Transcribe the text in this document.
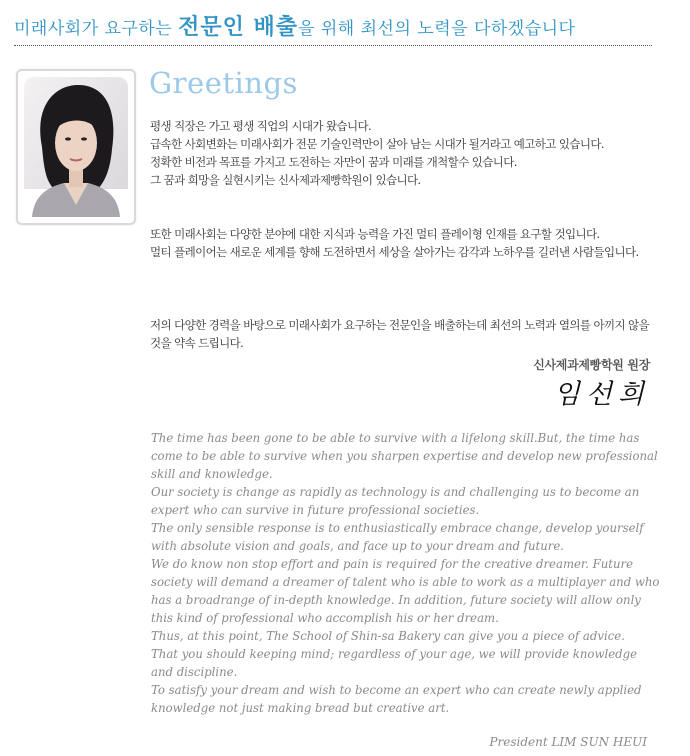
미래사회가 요구하는 전문인 배출을 위해 최선의 노력을 다하겠습니다
Greetings
평생 직장은 가고 평생 직업의 시대가 왔습니다.
급속한 사회변화는 미래사회가 전문 기술인력만이 살아 남는 시대가 될거라고 예고하고 있습니다.
정확한 비전과 목표를 가지고 도전하는 자만이 꿈과 미래를 개척할수 있습니다.
그 꿈과 희망을 실현시키는 신사제과제빵학원이 있습니다.
또한 미래사회는 다양한 분야에 대한 지식과 능력을 가진 멀티 플레이형 인재를 요구할 것입니다.
멀티 플레이어는 새로운 세계를 향해 도전하면서 세상을 살아가는 감각과 노하우를 길러낸 사람들입니다.
저의 다양한 경력을 바탕으로 미래사회가 요구하는 전문인을 배출하는데 최선의 노력과 열의를 아끼지 않을 것을 약속 드립니다.
신사제과제빵학원 원장
임선희

The time has been gone to be able to survive with a lifelong skill.But, the time has come to be able to survive when you sharpen expertise and develop new professional skill and knowledge.

Our society is change as rapidly as technology is and challenging us to become an expert who can survive in future professional societies.

The only sensible response is to enthusiastically embrace change, develop yourself with absolute vision and goals, and face up to your dream and future.

We do know non stop effort and pain is required for the creative dreamer. Future society will demand a dreamer of talent who is able to work as a multiplayer and who has a broadrange of in-depth knowledge. In addition, future society will allow only this kind of professional who accomplish his or her dream.

Thus, at this point, The School of Shin-sa Bakery can give you a piece of advice.

That you should keeping mind; regardless of your age, we will provide knowledge and discipline.

To satisfy your dream and wish to become an expert who can create newly applied knowledge not just making bread but creative art.

President LIM SUN HEUI
